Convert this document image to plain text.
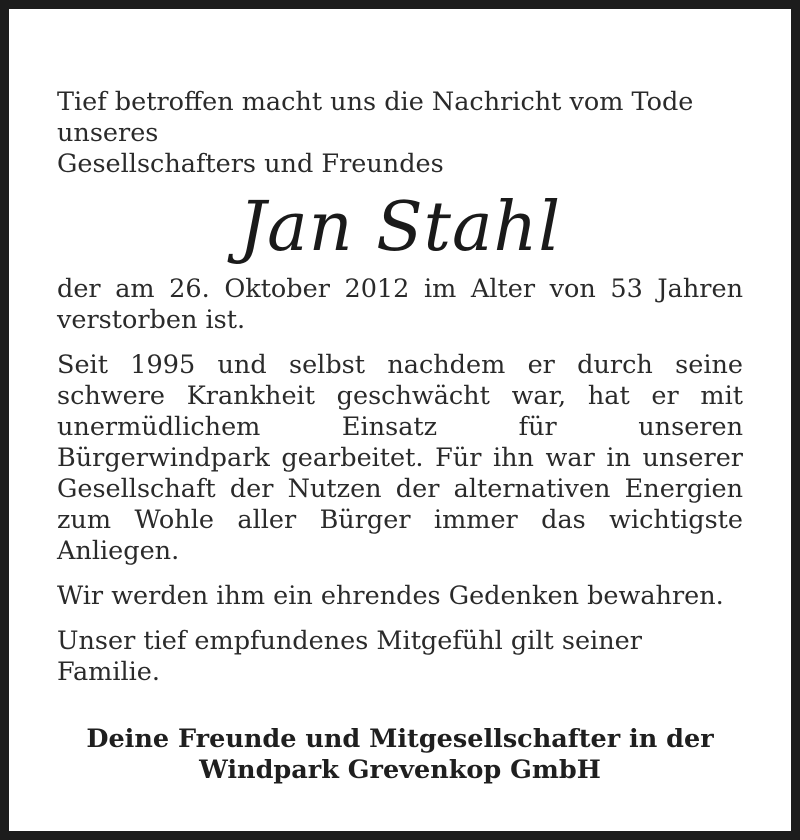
Tief betroffen macht uns die Nachricht vom Tode unseres
Gesellschafters und Freundes

Jan Stahl

der am 26. Oktober 2012 im Alter von 53 Jahren verstorben ist.

Seit 1995 und selbst nachdem er durch seine schwere Krankheit geschwächt war, hat er mit unermüdlichem Einsatz für unseren Bürgerwindpark gearbeitet. Für ihn war in unserer Gesellschaft der Nutzen der alternativen Energien zum Wohle aller Bürger immer das wichtigste Anliegen.

Wir werden ihm ein ehrendes Gedenken bewahren.

Unser tief empfundenes Mitgefühl gilt seiner Familie.

Deine Freunde und Mitgesellschafter in der
Windpark Grevenkop GmbH
